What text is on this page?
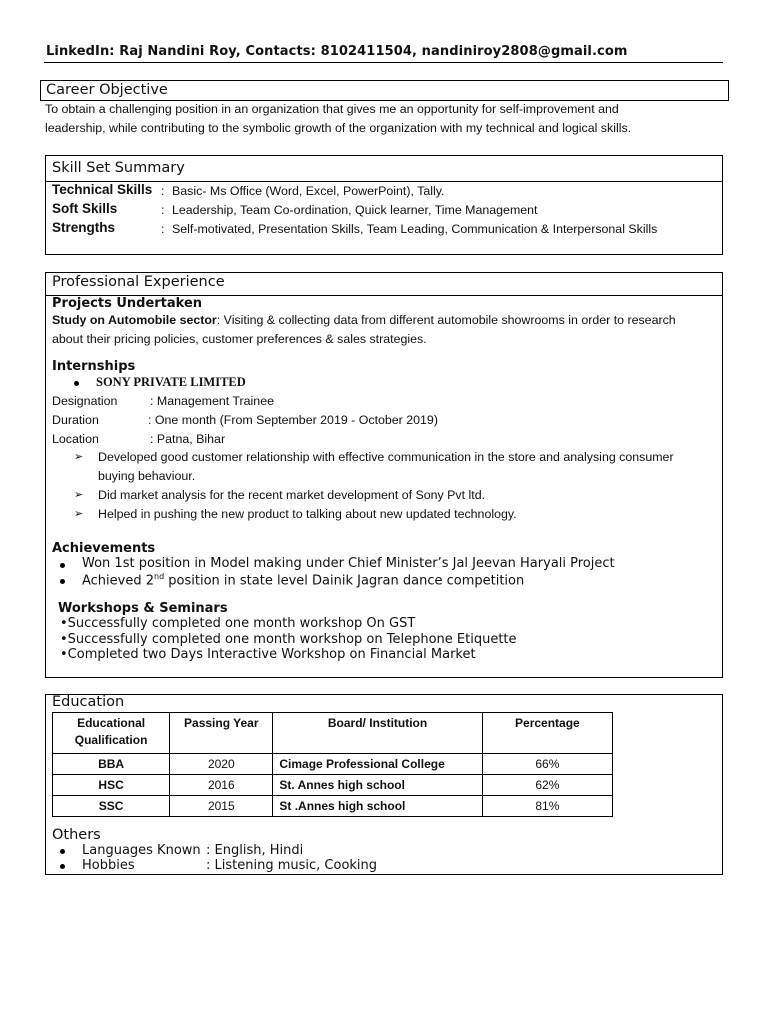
LinkedIn: Raj Nandini Roy, Contacts: 8102411504, nandiniroy2808@gmail.com
Career Objective
To obtain a challenging position in an organization that gives me an opportunity for self-improvement and
leadership, while contributing to the symbolic growth of the organization with my technical and logical skills.
Skill Set Summary
Technical Skills : Basic- Ms Office (Word, Excel, PowerPoint), Tally.
Soft Skills	: Leadership, Team Co-ordination, Quick learner, Time Management
Strengths	: Self-motivated, Presentation Skills, Team Leading, Communication & Interpersonal Skills
Professional Experience
Projects Undertaken
Study on Automobile sector: Visiting & collecting data from different automobile showrooms in order to research
about their pricing policies, customer preferences & sales strategies.
Internships
SONY PRIVATE LIMITED
Designation	: Management Trainee
Duration	: One month (From September 2019 - October 2019)
Location	: Patna, Bihar
➢ Developed good customer relationship with effective communication in the store and analysing consumer
buying behaviour.
➢ Did market analysis for the recent market development of Sony Pvt ltd.
➢ Helped in pushing the new product to talking about new updated technology.
Achievements
Won 1st position in Model making under Chief Minister’s Jal Jeevan Haryali Project
Achieved 2nd position in state level Dainik Jagran dance competition
Workshops & Seminars
•Successfully completed one month workshop On GST
•Successfully completed one month workshop on Telephone Etiquette
•Completed two Days Interactive Workshop on Financial Market
Education
Educational
Qualification	Passing Year	Board/ Institution	Percentage
BBA	2020	Cimage Professional College	66%
HSC	2016	St. Annes high school	62%
SSC	2015	St .Annes high school	81%
Others
Languages Known : English, Hindi
Hobbies	: Listening music, Cooking
